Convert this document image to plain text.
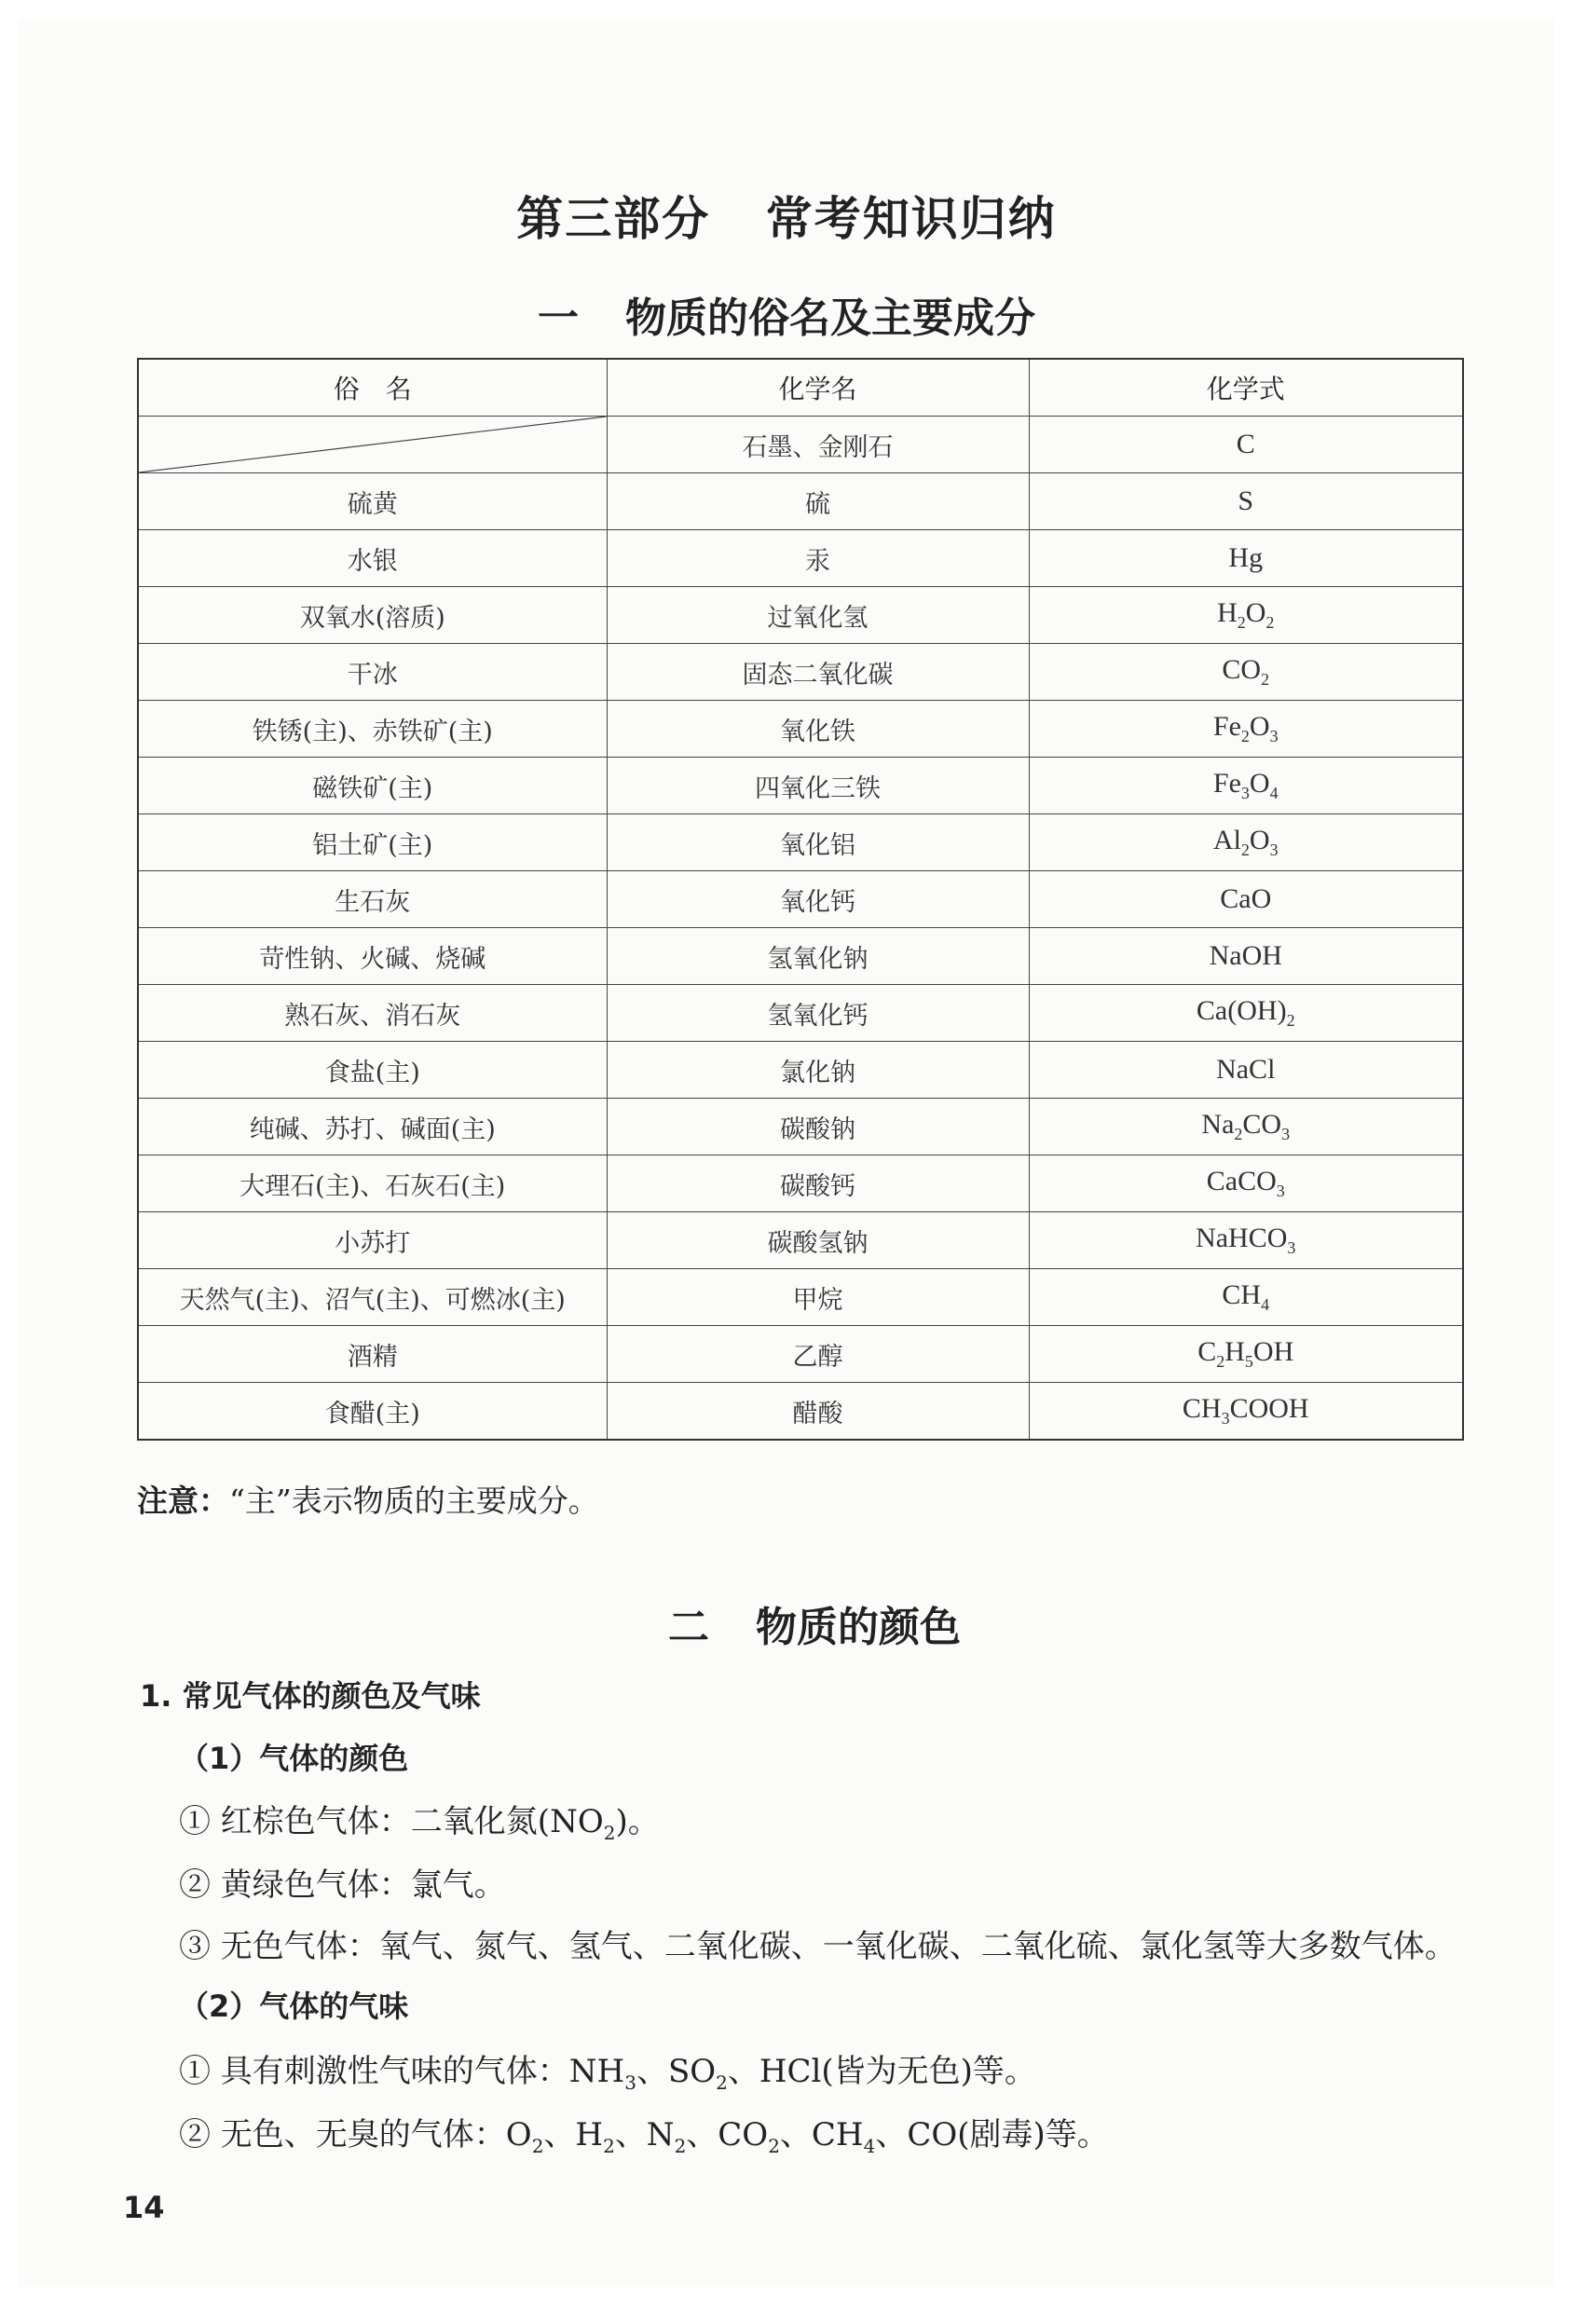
第三部分 常考知识归纳
一 物质的俗名及主要成分
俗　名	化学名	化学式

	石墨、金刚石	C
硫黄	硫	S
水银	汞	Hg
双氧水(溶质)	过氧化氢	$H_2O_2$
干冰	固态二氧化碳	$CO_2$
铁锈(主)、赤铁矿(主)	氧化铁	$Fe_2O_3$
磁铁矿(主)	四氧化三铁	$Fe_3O_4$
铝土矿(主)	氧化铝	$Al_2O_3$
生石灰	氧化钙	CaO
苛性钠、火碱、烧碱	氢氧化钠	NaOH
熟石灰、消石灰	氢氧化钙	$Ca(OH)_2$
食盐(主)	氯化钠	NaCl
纯碱、苏打、碱面(主)	碳酸钠	$Na_2CO_3$
大理石(主)、石灰石(主)	碳酸钙	CaCO$_3$
小苏打	碳酸氢钠	NaHCO$_3$
天然气(主)、沼气(主)、可燃冰(主)	甲烷	$CH_4$
酒精	乙醇	$C_2H_5OH$
食醋(主)	醋酸	$CH_3COOH$
注意：“主”表示物质的主要成分。
二 物质的颜色
1. 常见气体的颜色及气味
（1）气体的颜色
① 红棕色气体：二氧化氮$(NO_2)$。
② 黄绿色气体：氯气。
③ 无色气体：氧气、氮气、氢气、二氧化碳、一氧化碳、二氧化硫、氯化氢等大多数气体。
（2）气体的气味
① 具有刺激性气味的气体：$NH_3$、$SO_2$、HCl(皆为无色)等。
② 无色、无臭的气体：$O_2$、$H_2$、$N_2$、$CO_2$、$CH_4$、CO(剧毒)等。
14
